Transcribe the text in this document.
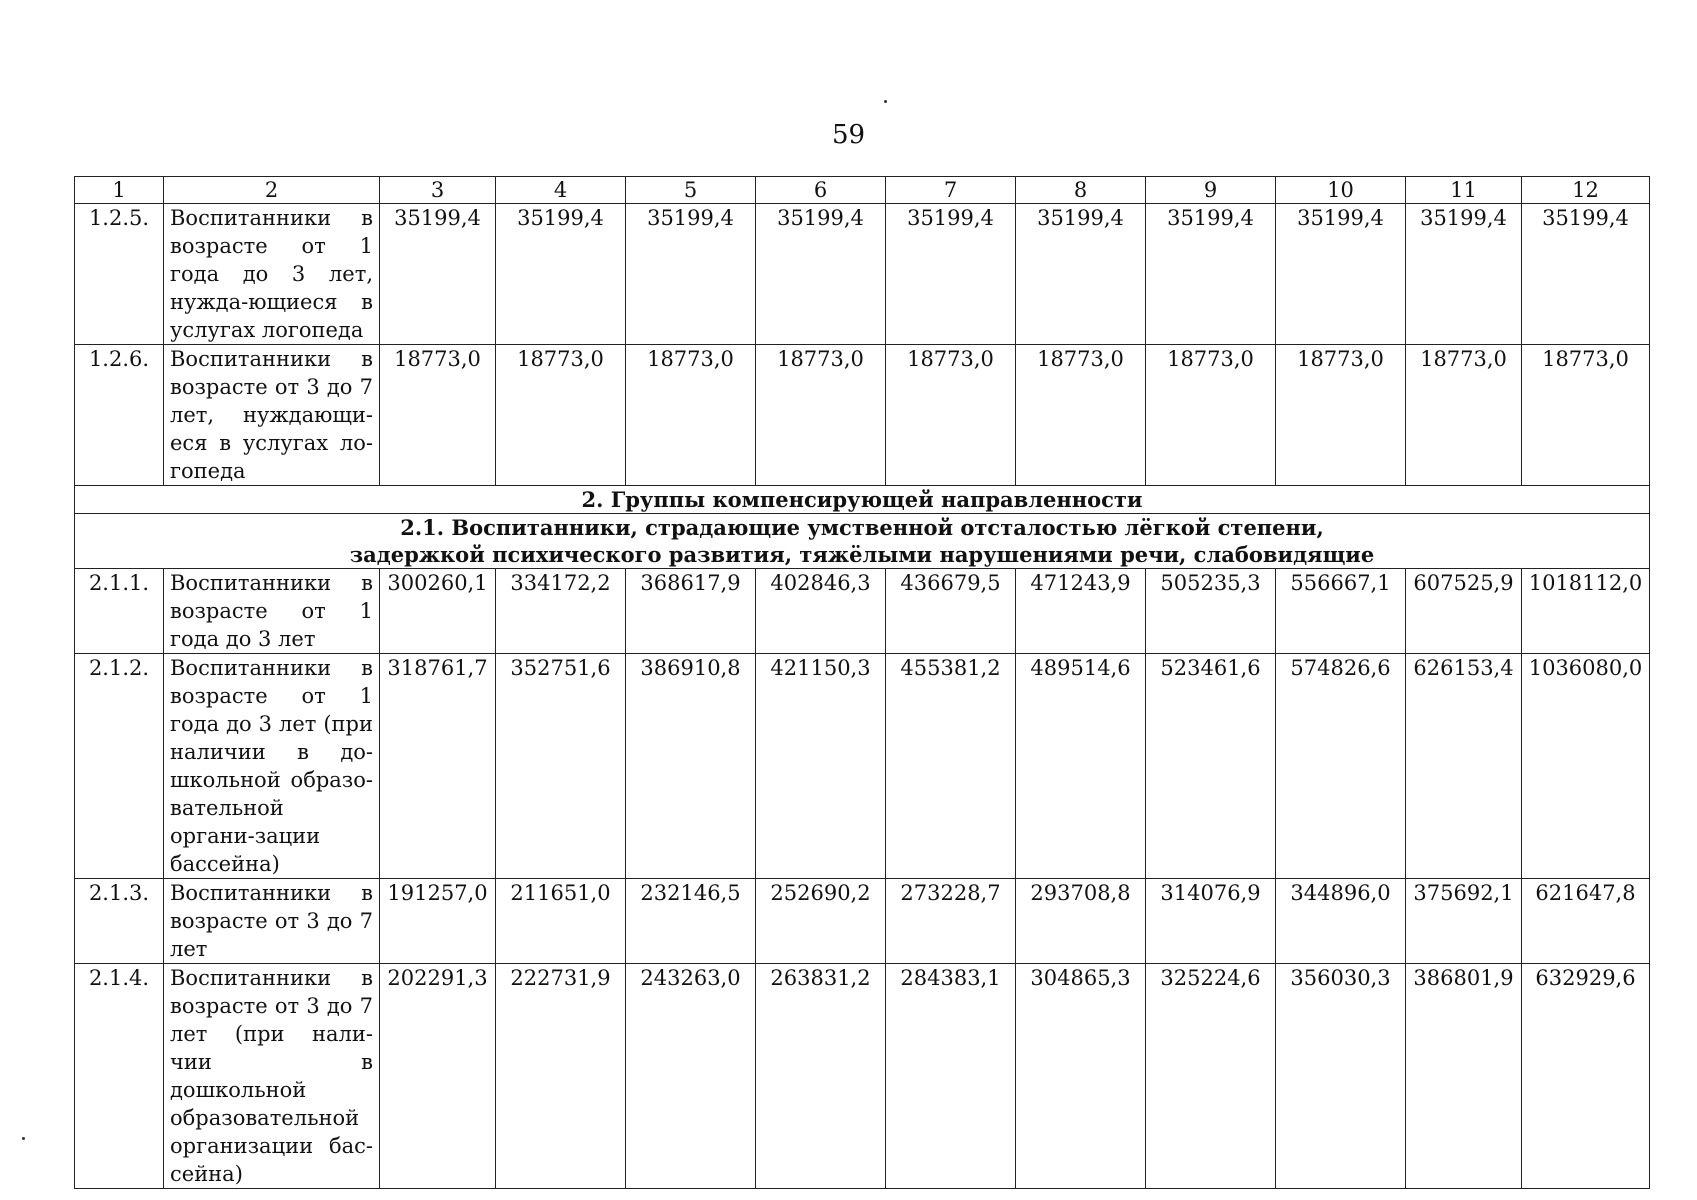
59
1	2	3	4	5	6	7	8	9	10	11	12
1.2.5.	Воспитанники в возрасте от 1 года до 3 лет, нужда-ющиеся в услугах логопеда	35199,4	35199,4	35199,4	35199,4	35199,4	35199,4	35199,4	35199,4	35199,4	35199,4
1.2.6.	Воспитанники в возрасте от 3 до 7 лет, нуждающи-еся в услугах ло-гопеда	18773,0	18773,0	18773,0	18773,0	18773,0	18773,0	18773,0	18773,0	18773,0	18773,0
2. Группы компенсирующей направленности											
2.1. Воспитанники, страдающие умственной отсталостью лёгкой степени,
задержкой психического развития, тяжёлыми нарушениями речи, слабовидящие											
2.1.1.	Воспитанники в возрасте от 1 года до 3 лет	300260,1	334172,2	368617,9	402846,3	436679,5	471243,9	505235,3	556667,1	607525,9	1018112,0
2.1.2.	Воспитанники в возрасте от 1 года до 3 лет (при наличии в до-школьной образо-вательной органи-зации бассейна)	318761,7	352751,6	386910,8	421150,3	455381,2	489514,6	523461,6	574826,6	626153,4	1036080,0
2.1.3.	Воспитанники в возрасте от 3 до 7 лет	191257,0	211651,0	232146,5	252690,2	273228,7	293708,8	314076,9	344896,0	375692,1	621647,8
2.1.4.	Воспитанники в возрасте от 3 до 7 лет (при нали-чии в дошкольной образовательной организации бас-сейна)	202291,3	222731,9	243263,0	263831,2	284383,1	304865,3	325224,6	356030,3	386801,9	632929,6
